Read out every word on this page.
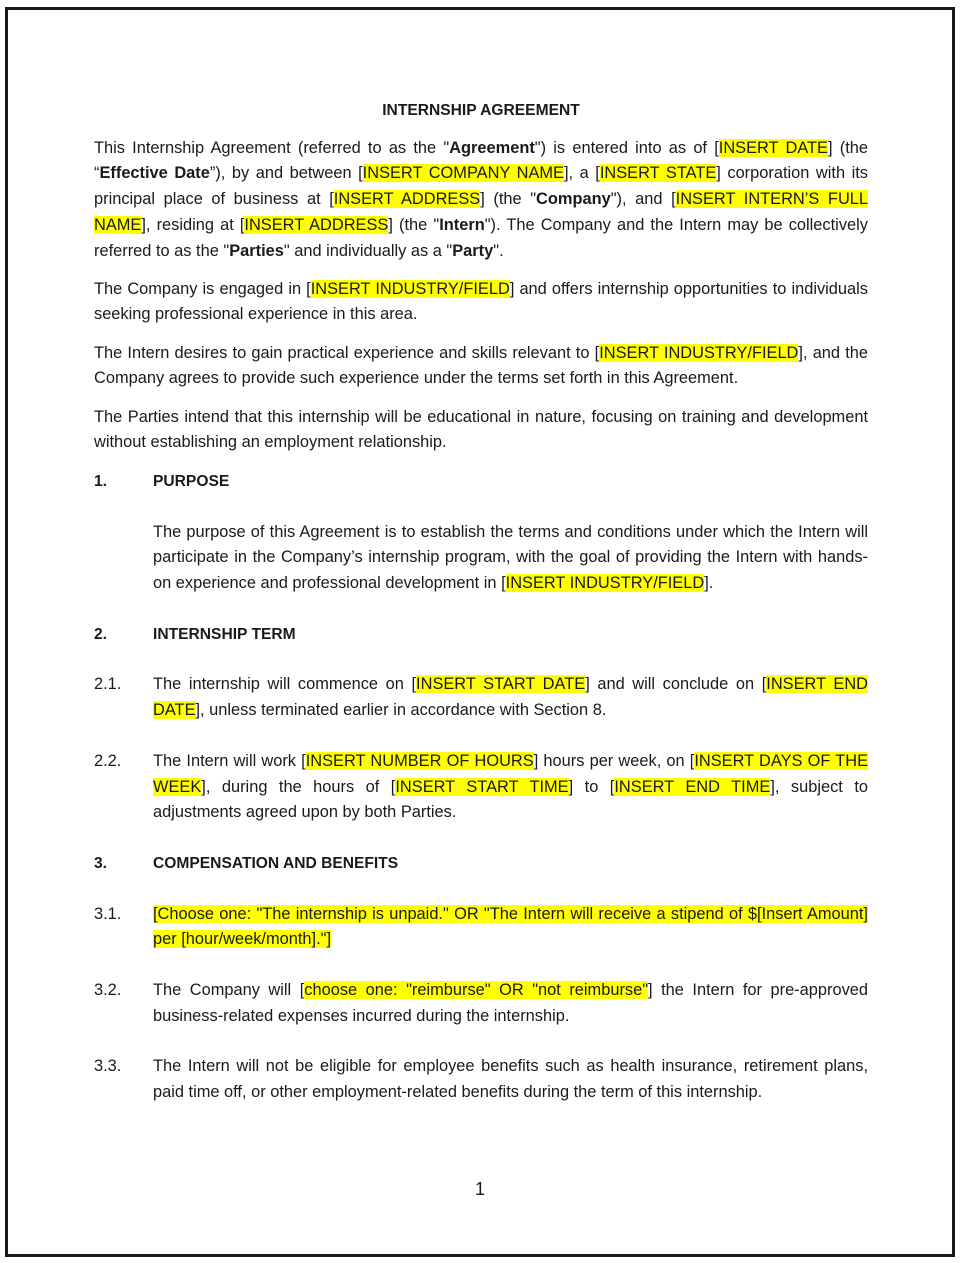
INTERNSHIP AGREEMENT

This Internship Agreement (referred to as the "Agreement") is entered into as of [INSERT DATE] (the “Effective Date”), by and between [INSERT COMPANY NAME], a [INSERT STATE] corporation with its principal place of business at [INSERT ADDRESS] (the "Company"), and [INSERT INTERN’S FULL NAME], residing at [INSERT ADDRESS] (the "Intern"). The Company and the Intern may be collectively referred to as the "Parties" and individually as a "Party".

The Company is engaged in [INSERT INDUSTRY/FIELD] and offers internship opportunities to individuals seeking professional experience in this area.

The Intern desires to gain practical experience and skills relevant to [INSERT INDUSTRY/FIELD], and the Company agrees to provide such experience under the terms set forth in this Agreement.

The Parties intend that this internship will be educational in nature, focusing on training and development without establishing an employment relationship.

1.	PURPOSE

The purpose of this Agreement is to establish the terms and conditions under which the Intern will participate in the Company’s internship program, with the goal of providing the Intern with hands-on experience and professional development in [INSERT INDUSTRY/FIELD].

2.	INTERNSHIP TERM
2.1.	The internship will commence on [INSERT START DATE] and will conclude on [INSERT END DATE], unless terminated earlier in accordance with Section 8.
2.2.	The Intern will work [INSERT NUMBER OF HOURS] hours per week, on [INSERT DAYS OF THE WEEK], during the hours of [INSERT START TIME] to [INSERT END TIME], subject to adjustments agreed upon by both Parties.
3.	COMPENSATION AND BENEFITS
3.1.	[Choose one: "The internship is unpaid." OR "The Intern will receive a stipend of $[Insert Amount] per [hour/week/month]."]
3.2.	The Company will [choose one: "reimburse" OR "not reimburse"] the Intern for pre-approved business-related expenses incurred during the internship.
3.3.	The Intern will not be eligible for employee benefits such as health insurance, retirement plans, paid time off, or other employment-related benefits during the term of this internship.
1
